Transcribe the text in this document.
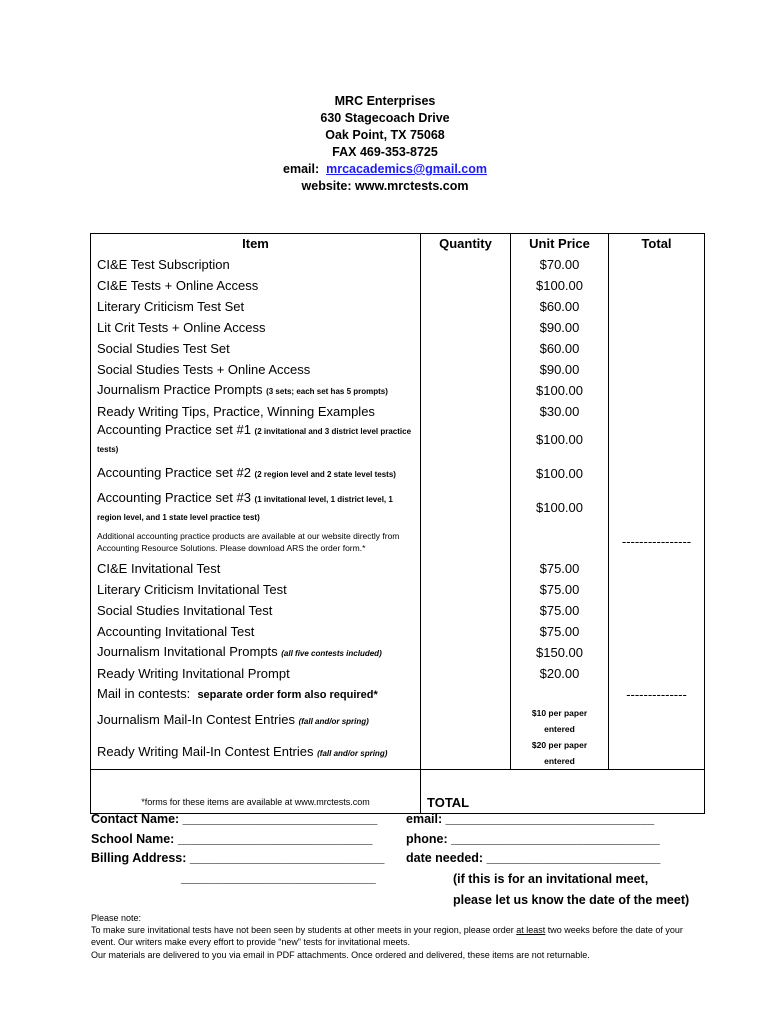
MRC Enterprises
630 Stagecoach Drive
Oak Point, TX 75068
FAX 469-353-8725
email: mrcacademics@gmail.com
website: www.mrctests.com
Item	Quantity	Unit Price	Total
CI&E Test Subscription		$70.00	
CI&E Tests + Online Access		$100.00	
Literary Criticism Test Set		$60.00	
Lit Crit Tests + Online Access		$90.00	
Social Studies Test Set		$60.00	
Social Studies Tests + Online Access		$90.00	
Journalism Practice Prompts (3 sets; each set has 5 prompts)		$100.00	
Ready Writing Tips, Practice, Winning Examples		$30.00	
Accounting Practice set #1 (2 invitational and 3 district level practice tests)		$100.00	
Accounting Practice set #2 (2 region level and 2 state level tests)		$100.00	
Accounting Practice set #3 (1 invitational level, 1 district level, 1 region level, and 1 state level practice test)		$100.00	
Additional accounting practice products are available at our website directly from Accounting Resource Solutions. Please download ARS the order form.*			----------------
CI&E Invitational Test		$75.00	
Literary Criticism Invitational Test		$75.00	
Social Studies Invitational Test		$75.00	
Accounting Invitational Test		$75.00	
Journalism Invitational Prompts (all five contests included)		$150.00	
Ready Writing Invitational Prompt		$20.00	
Mail in contests: separate order form also required*			--------------
Journalism Mail-In Contest Entries (fall and/or spring)		$10 per paper entered	
Ready Writing Mail-In Contest Entries (fall and/or spring)		$20 per paper entered	
*forms for these items are available at www.mrctests.com	TOTAL		
Contact Name: ____________________________
School Name: ____________________________
Billing Address: ____________________________
____________________________
email: ______________________________
phone: ______________________________
date needed: _________________________
(if this is for an invitational meet,
please let us know the date of the meet)
Please note:
To make sure invitational tests have not been seen by students at other meets in your region, please order at least two weeks before the date of your event. Our writers make every effort to provide “new” tests for invitational meets.
Our materials are delivered to you via email in PDF attachments. Once ordered and delivered, these items are not returnable.
